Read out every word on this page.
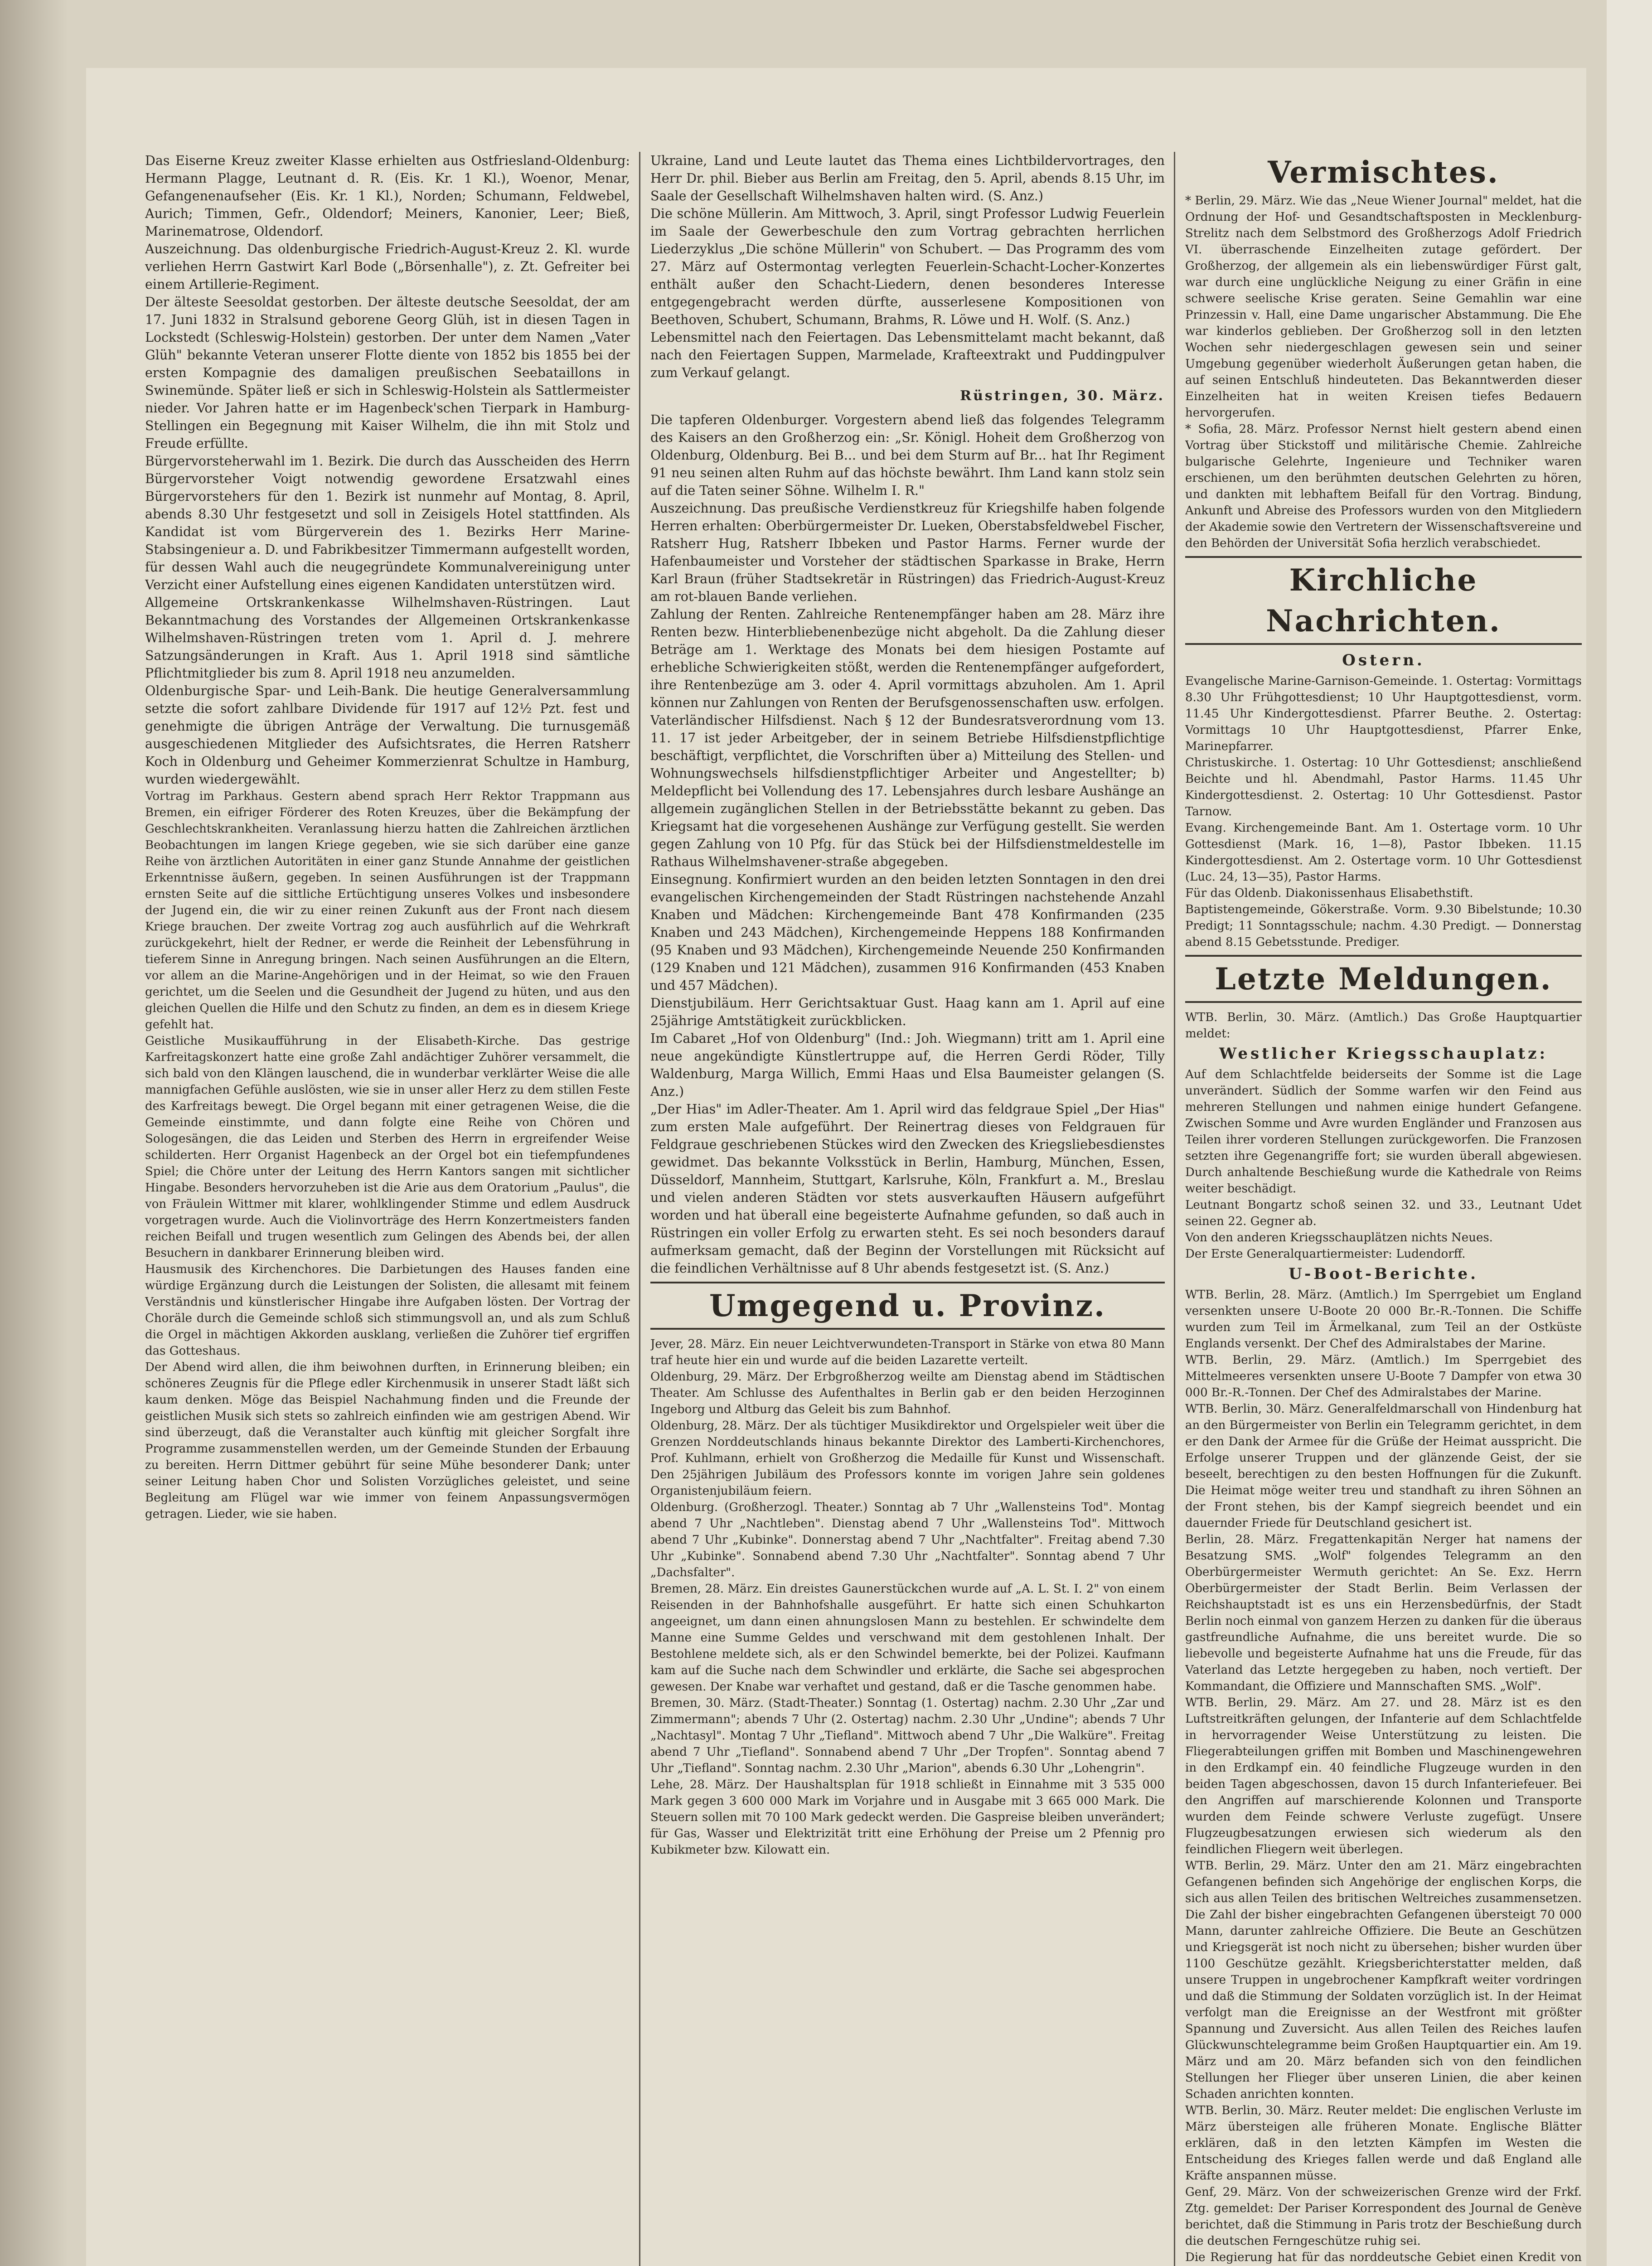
Das Eiserne Kreuz zweiter Klasse erhielten aus Ostfriesland-Oldenburg: Hermann Plagge, Leutnant d. R. (Eis. Kr. 1 Kl.), Woenor, Menar, Gefangenenaufseher (Eis. Kr. 1 Kl.), Norden; Schumann, Feldwebel, Aurich; Timmen, Gefr., Oldendorf; Meiners, Kanonier, Leer; Bieß, Marinematrose, Oldendorf.

Auszeichnung. Das oldenburgische Friedrich-August-Kreuz 2. Kl. wurde verliehen Herrn Gastwirt Karl Bode („Börsenhalle"), z. Zt. Gefreiter bei einem Artillerie-Regiment.

Der älteste Seesoldat gestorben. Der älteste deutsche Seesoldat, der am 17. Juni 1832 in Stralsund geborene Georg Glüh, ist in diesen Tagen in Lockstedt (Schleswig-Holstein) gestorben. Der unter dem Namen „Vater Glüh" bekannte Veteran unserer Flotte diente von 1852 bis 1855 bei der ersten Kompagnie des damaligen preußischen Seebataillons in Swinemünde. Später ließ er sich in Schleswig-Holstein als Sattlermeister nieder. Vor Jahren hatte er im Hagenbeck'schen Tierpark in Hamburg-Stellingen ein Begegnung mit Kaiser Wilhelm, die ihn mit Stolz und Freude erfüllte.

Bürgervorsteherwahl im 1. Bezirk. Die durch das Ausscheiden des Herrn Bürgervorsteher Voigt notwendig gewordene Ersatzwahl eines Bürgervorstehers für den 1. Bezirk ist nunmehr auf Montag, 8. April, abends 8.30 Uhr festgesetzt und soll in Zeisigels Hotel stattfinden. Als Kandidat ist vom Bürgerverein des 1. Bezirks Herr Marine-Stabsingenieur a. D. und Fabrikbesitzer Timmermann aufgestellt worden, für dessen Wahl auch die neugegründete Kommunalvereinigung unter Verzicht einer Aufstellung eines eigenen Kandidaten unterstützen wird.

Allgemeine Ortskrankenkasse Wilhelmshaven-Rüstringen. Laut Bekanntmachung des Vorstandes der Allgemeinen Ortskrankenkasse Wilhelmshaven-Rüstringen treten vom 1. April d. J. mehrere Satzungsänderungen in Kraft. Aus 1. April 1918 sind sämtliche Pflichtmitglieder bis zum 8. April 1918 neu anzumelden.

Oldenburgische Spar- und Leih-Bank. Die heutige Generalversammlung setzte die sofort zahlbare Dividende für 1917 auf 12½ Pzt. fest und genehmigte die übrigen Anträge der Verwaltung. Die turnusgemäß ausgeschiedenen Mitglieder des Aufsichtsrates, die Herren Ratsherr Koch in Oldenburg und Geheimer Kommerzienrat Schultze in Hamburg, wurden wiedergewählt.

Vortrag im Parkhaus. Gestern abend sprach Herr Rektor Trappmann aus Bremen, ein eifriger Förderer des Roten Kreuzes, über die Bekämpfung der Geschlechtskrankheiten. Veranlassung hierzu hatten die Zahlreichen ärztlichen Beobachtungen im langen Kriege gegeben, wie sie sich darüber eine ganze Reihe von ärztlichen Autoritäten in einer ganz Stunde Annahme der geistlichen Erkenntnisse äußern, gegeben. In seinen Ausführungen ist der Trappmann ernsten Seite auf die sittliche Ertüchtigung unseres Volkes und insbesondere der Jugend ein, die wir zu einer reinen Zukunft aus der Front nach diesem Kriege brauchen. Der zweite Vortrag zog auch ausführlich auf die Wehrkraft zurückgekehrt, hielt der Redner, er werde die Reinheit der Lebensführung in tieferem Sinne in Anregung bringen. Nach seinen Ausführungen an die Eltern, vor allem an die Marine-Angehörigen und in der Heimat, so wie den Frauen gerichtet, um die Seelen und die Gesundheit der Jugend zu hüten, und aus den gleichen Quellen die Hilfe und den Schutz zu finden, an dem es in diesem Kriege gefehlt hat.

Geistliche Musikaufführung in der Elisabeth-Kirche. Das gestrige Karfreitagskonzert hatte eine große Zahl andächtiger Zuhörer versammelt, die sich bald von den Klängen lauschend, die in wunderbar verklärter Weise die alle mannigfachen Gefühle auslösten, wie sie in unser aller Herz zu dem stillen Feste des Karfreitags bewegt. Die Orgel begann mit einer getragenen Weise, die die Gemeinde einstimmte, und dann folgte eine Reihe von Chören und Sologesängen, die das Leiden und Sterben des Herrn in ergreifender Weise schilderten. Herr Organist Hagenbeck an der Orgel bot ein tiefempfundenes Spiel; die Chöre unter der Leitung des Herrn Kantors sangen mit sichtlicher Hingabe. Besonders hervorzuheben ist die Arie aus dem Oratorium „Paulus", die von Fräulein Wittmer mit klarer, wohlklingender Stimme und edlem Ausdruck vorgetragen wurde. Auch die Violinvorträge des Herrn Konzertmeisters fanden reichen Beifall und trugen wesentlich zum Gelingen des Abends bei, der allen Besuchern in dankbarer Erinnerung bleiben wird.

Hausmusik des Kirchenchores. Die Darbietungen des Hauses fanden eine würdige Ergänzung durch die Leistungen der Solisten, die allesamt mit feinem Verständnis und künstlerischer Hingabe ihre Aufgaben lösten. Der Vortrag der Choräle durch die Gemeinde schloß sich stimmungsvoll an, und als zum Schluß die Orgel in mächtigen Akkorden ausklang, verließen die Zuhörer tief ergriffen das Gotteshaus.

Der Abend wird allen, die ihm beiwohnen durften, in Erinnerung bleiben; ein schöneres Zeugnis für die Pflege edler Kirchenmusik in unserer Stadt läßt sich kaum denken. Möge das Beispiel Nachahmung finden und die Freunde der geistlichen Musik sich stets so zahlreich einfinden wie am gestrigen Abend. Wir sind überzeugt, daß die Veranstalter auch künftig mit gleicher Sorgfalt ihre Programme zusammenstellen werden, um der Gemeinde Stunden der Erbauung zu bereiten. Herrn Dittmer gebührt für seine Mühe besonderer Dank; unter seiner Leitung haben Chor und Solisten Vorzügliches geleistet, und seine Begleitung am Flügel war wie immer von feinem Anpassungsvermögen getragen. Lieder, wie sie haben.

Ukraine, Land und Leute lautet das Thema eines Lichtbildervortrages, den Herr Dr. phil. Bieber aus Berlin am Freitag, den 5. April, abends 8.15 Uhr, im Saale der Gesellschaft Wilhelmshaven halten wird. (S. Anz.)

Die schöne Müllerin. Am Mittwoch, 3. April, singt Professor Ludwig Feuerlein im Saale der Gewerbeschule den zum Vortrag gebrachten herrlichen Liederzyklus „Die schöne Müllerin" von Schubert. — Das Programm des vom 27. März auf Ostermontag verlegten Feuerlein-Schacht-Locher-Konzertes enthält außer den Schacht-Liedern, denen besonderes Interesse entgegengebracht werden dürfte, ausserlesene Kompositionen von Beethoven, Schubert, Schumann, Brahms, R. Löwe und H. Wolf. (S. Anz.)

Lebensmittel nach den Feiertagen. Das Lebensmittelamt macht bekannt, daß nach den Feiertagen Suppen, Marmelade, Krafteextrakt und Puddingpulver zum Verkauf gelangt.

Rüstringen, 30. März.

Die tapferen Oldenburger. Vorgestern abend ließ das folgendes Telegramm des Kaisers an den Großherzog ein: „Sr. Königl. Hoheit dem Großherzog von Oldenburg, Oldenburg. Bei B... und bei dem Sturm auf Br... hat Ihr Regiment 91 neu seinen alten Ruhm auf das höchste bewährt. Ihm Land kann stolz sein auf die Taten seiner Söhne. Wilhelm I. R."

Auszeichnung. Das preußische Verdienstkreuz für Kriegshilfe haben folgende Herren erhalten: Oberbürgermeister Dr. Lueken, Oberstabsfeldwebel Fischer, Ratsherr Hug, Ratsherr Ibbeken und Pastor Harms. Ferner wurde der Hafenbaumeister und Vorsteher der städtischen Sparkasse in Brake, Herrn Karl Braun (früher Stadtsekretär in Rüstringen) das Friedrich-August-Kreuz am rot-blauen Bande verliehen.

Zahlung der Renten. Zahlreiche Rentenempfänger haben am 28. März ihre Renten bezw. Hinterbliebenenbezüge nicht abgeholt. Da die Zahlung dieser Beträge am 1. Werktage des Monats bei dem hiesigen Postamte auf erhebliche Schwierigkeiten stößt, werden die Rentenempfänger aufgefordert, ihre Rentenbezüge am 3. oder 4. April vormittags abzuholen. Am 1. April können nur Zahlungen von Renten der Berufsgenossenschaften usw. erfolgen.

Vaterländischer Hilfsdienst. Nach § 12 der Bundesratsverordnung vom 13. 11. 17 ist jeder Arbeitgeber, der in seinem Betriebe Hilfsdienstpflichtige beschäftigt, verpflichtet, die Vorschriften über a) Mitteilung des Stellen- und Wohnungswechsels hilfsdienstpflichtiger Arbeiter und Angestellter; b) Meldepflicht bei Vollendung des 17. Lebensjahres durch lesbare Aushänge an allgemein zugänglichen Stellen in der Betriebsstätte bekannt zu geben. Das Kriegsamt hat die vorgesehenen Aushänge zur Verfügung gestellt. Sie werden gegen Zahlung von 10 Pfg. für das Stück bei der Hilfsdienstmeldestelle im Rathaus Wilhelmshavener-straße abgegeben.

Einsegnung. Konfirmiert wurden an den beiden letzten Sonntagen in den drei evangelischen Kirchengemeinden der Stadt Rüstringen nachstehende Anzahl Knaben und Mädchen: Kirchengemeinde Bant 478 Konfirmanden (235 Knaben und 243 Mädchen), Kirchengemeinde Heppens 188 Konfirmanden (95 Knaben und 93 Mädchen), Kirchengemeinde Neuende 250 Konfirmanden (129 Knaben und 121 Mädchen), zusammen 916 Konfirmanden (453 Knaben und 457 Mädchen).

Dienstjubiläum. Herr Gerichtsaktuar Gust. Haag kann am 1. April auf eine 25jährige Amtstätigkeit zurückblicken.

Im Cabaret „Hof von Oldenburg" (Ind.: Joh. Wiegmann) tritt am 1. April eine neue angekündigte Künstlertruppe auf, die Herren Gerdi Röder, Tilly Waldenburg, Marga Willich, Emmi Haas und Elsa Baumeister gelangen (S. Anz.)

„Der Hias" im Adler-Theater. Am 1. April wird das feldgraue Spiel „Der Hias" zum ersten Male aufgeführt. Der Reinertrag dieses von Feldgrauen für Feldgraue geschriebenen Stückes wird den Zwecken des Kriegsliebesdienstes gewidmet. Das bekannte Volksstück in Berlin, Hamburg, München, Essen, Düsseldorf, Mannheim, Stuttgart, Karlsruhe, Köln, Frankfurt a. M., Breslau und vielen anderen Städten vor stets ausverkauften Häusern aufgeführt worden und hat überall eine begeisterte Aufnahme gefunden, so daß auch in Rüstringen ein voller Erfolg zu erwarten steht. Es sei noch besonders darauf aufmerksam gemacht, daß der Beginn der Vorstellungen mit Rücksicht auf die feindlichen Verhältnisse auf 8 Uhr abends festgesetzt ist. (S. Anz.)

Umgegend u. Provinz.

Jever, 28. März. Ein neuer Leichtverwundeten-Transport in Stärke von etwa 80 Mann traf heute hier ein und wurde auf die beiden Lazarette verteilt.

Oldenburg, 29. März. Der Erbgroßherzog weilte am Dienstag abend im Städtischen Theater. Am Schlusse des Aufenthaltes in Berlin gab er den beiden Herzoginnen Ingeborg und Altburg das Geleit bis zum Bahnhof.

Oldenburg, 28. März. Der als tüchtiger Musikdirektor und Orgelspieler weit über die Grenzen Norddeutschlands hinaus bekannte Direktor des Lamberti-Kirchenchores, Prof. Kuhlmann, erhielt von Großherzog die Medaille für Kunst und Wissenschaft. Den 25jährigen Jubiläum des Professors konnte im vorigen Jahre sein goldenes Organistenjubiläum feiern.

Oldenburg. (Großherzogl. Theater.) Sonntag ab 7 Uhr „Wallensteins Tod". Montag abend 7 Uhr „Nachtleben". Dienstag abend 7 Uhr „Wallensteins Tod". Mittwoch abend 7 Uhr „Kubinke". Donnerstag abend 7 Uhr „Nachtfalter". Freitag abend 7.30 Uhr „Kubinke". Sonnabend abend 7.30 Uhr „Nachtfalter". Sonntag abend 7 Uhr „Dachsfalter".

Bremen, 28. März. Ein dreistes Gaunerstückchen wurde auf „A. L. St. I. 2" von einem Reisenden in der Bahnhofshalle ausgeführt. Er hatte sich einen Schuhkarton angeeignet, um dann einen ahnungslosen Mann zu bestehlen. Er schwindelte dem Manne eine Summe Geldes und verschwand mit dem gestohlenen Inhalt. Der Bestohlene meldete sich, als er den Schwindel bemerkte, bei der Polizei. Kaufmann kam auf die Suche nach dem Schwindler und erklärte, die Sache sei abgesprochen gewesen. Der Knabe war verhaftet und gestand, daß er die Tasche genommen habe.

Bremen, 30. März. (Stadt-Theater.) Sonntag (1. Ostertag) nachm. 2.30 Uhr „Zar und Zimmermann"; abends 7 Uhr (2. Ostertag) nachm. 2.30 Uhr „Undine"; abends 7 Uhr „Nachtasyl". Montag 7 Uhr „Tiefland". Mittwoch abend 7 Uhr „Die Walküre". Freitag abend 7 Uhr „Tiefland". Sonnabend abend 7 Uhr „Der Tropfen". Sonntag abend 7 Uhr „Tiefland". Sonntag nachm. 2.30 Uhr „Marion", abends 6.30 Uhr „Lohengrin".

Lehe, 28. März. Der Haushaltsplan für 1918 schließt in Einnahme mit 3 535 000 Mark gegen 3 600 000 Mark im Vorjahre und in Ausgabe mit 3 665 000 Mark. Die Steuern sollen mit 70 100 Mark gedeckt werden. Die Gaspreise bleiben unverändert; für Gas, Wasser und Elektrizität tritt eine Erhöhung der Preise um 2 Pfennig pro Kubikmeter bzw. Kilowatt ein.

Vermischtes.

* Berlin, 29. März. Wie das „Neue Wiener Journal" meldet, hat die Ordnung der Hof- und Gesandtschaftsposten in Mecklenburg-Strelitz nach dem Selbstmord des Großherzogs Adolf Friedrich VI. überraschende Einzelheiten zutage gefördert. Der Großherzog, der allgemein als ein liebenswürdiger Fürst galt, war durch eine unglückliche Neigung zu einer Gräfin in eine schwere seelische Krise geraten. Seine Gemahlin war eine Prinzessin v. Hall, eine Dame ungarischer Abstammung. Die Ehe war kinderlos geblieben. Der Großherzog soll in den letzten Wochen sehr niedergeschlagen gewesen sein und seiner Umgebung gegenüber wiederholt Äußerungen getan haben, die auf seinen Entschluß hindeuteten. Das Bekanntwerden dieser Einzelheiten hat in weiten Kreisen tiefes Bedauern hervorgerufen.

* Sofia, 28. März. Professor Nernst hielt gestern abend einen Vortrag über Stickstoff und militärische Chemie. Zahlreiche bulgarische Gelehrte, Ingenieure und Techniker waren erschienen, um den berühmten deutschen Gelehrten zu hören, und dankten mit lebhaftem Beifall für den Vortrag. Bindung, Ankunft und Abreise des Professors wurden von den Mitgliedern der Akademie sowie den Vertretern der Wissenschaftsvereine und den Behörden der Universität Sofia herzlich verabschiedet.

Kirchliche Nachrichten.
Ostern.

Evangelische Marine-Garnison-Gemeinde. 1. Ostertag: Vormittags 8.30 Uhr Frühgottesdienst; 10 Uhr Hauptgottesdienst, vorm. 11.45 Uhr Kindergottesdienst. Pfarrer Beuthe. 2. Ostertag: Vormittags 10 Uhr Hauptgottesdienst, Pfarrer Enke, Marinepfarrer.

Christuskirche. 1. Ostertag: 10 Uhr Gottesdienst; anschließend Beichte und hl. Abendmahl, Pastor Harms. 11.45 Uhr Kindergottesdienst. 2. Ostertag: 10 Uhr Gottesdienst. Pastor Tarnow.

Evang. Kirchengemeinde Bant. Am 1. Ostertage vorm. 10 Uhr Gottesdienst (Mark. 16, 1—8), Pastor Ibbeken. 11.15 Kindergottesdienst. Am 2. Ostertage vorm. 10 Uhr Gottesdienst (Luc. 24, 13—35), Pastor Harms.

Für das Oldenb. Diakonissenhaus Elisabethstift.

Baptistengemeinde, Gökerstraße. Vorm. 9.30 Bibelstunde; 10.30 Predigt; 11 Sonntagsschule; nachm. 4.30 Predigt. — Donnerstag abend 8.15 Gebetsstunde. Prediger.

Letzte Meldungen.

WTB. Berlin, 30. März. (Amtlich.) Das Große Hauptquartier meldet:

Westlicher Kriegsschauplatz:

Auf dem Schlachtfelde beiderseits der Somme ist die Lage unverändert. Südlich der Somme warfen wir den Feind aus mehreren Stellungen und nahmen einige hundert Gefangene. Zwischen Somme und Avre wurden Engländer und Franzosen aus Teilen ihrer vorderen Stellungen zurückgeworfen. Die Franzosen setzten ihre Gegenangriffe fort; sie wurden überall abgewiesen. Durch anhaltende Beschießung wurde die Kathedrale von Reims weiter beschädigt.

Leutnant Bongartz schoß seinen 32. und 33., Leutnant Udet seinen 22. Gegner ab.

Von den anderen Kriegsschauplätzen nichts Neues.

Der Erste Generalquartiermeister: Ludendorff.

U-Boot-Berichte.

WTB. Berlin, 28. März. (Amtlich.) Im Sperrgebiet um England versenkten unsere U-Boote 20 000 Br.-R.-Tonnen. Die Schiffe wurden zum Teil im Ärmelkanal, zum Teil an der Ostküste Englands versenkt. Der Chef des Admiralstabes der Marine.

WTB. Berlin, 29. März. (Amtlich.) Im Sperrgebiet des Mittelmeeres versenkten unsere U-Boote 7 Dampfer von etwa 30 000 Br.-R.-Tonnen. Der Chef des Admiralstabes der Marine.

WTB. Berlin, 30. März. Generalfeldmarschall von Hindenburg hat an den Bürgermeister von Berlin ein Telegramm gerichtet, in dem er den Dank der Armee für die Grüße der Heimat ausspricht. Die Erfolge unserer Truppen und der glänzende Geist, der sie beseelt, berechtigen zu den besten Hoffnungen für die Zukunft. Die Heimat möge weiter treu und standhaft zu ihren Söhnen an der Front stehen, bis der Kampf siegreich beendet und ein dauernder Friede für Deutschland gesichert ist.

Berlin, 28. März. Fregattenkapitän Nerger hat namens der Besatzung SMS. „Wolf" folgendes Telegramm an den Oberbürgermeister Wermuth gerichtet: An Se. Exz. Herrn Oberbürgermeister der Stadt Berlin. Beim Verlassen der Reichshauptstadt ist es uns ein Herzensbedürfnis, der Stadt Berlin noch einmal von ganzem Herzen zu danken für die überaus gastfreundliche Aufnahme, die uns bereitet wurde. Die so liebevolle und begeisterte Aufnahme hat uns die Freude, für das Vaterland das Letzte hergegeben zu haben, noch vertieft. Der Kommandant, die Offiziere und Mannschaften SMS. „Wolf".

WTB. Berlin, 29. März. Am 27. und 28. März ist es den Luftstreitkräften gelungen, der Infanterie auf dem Schlachtfelde in hervorragender Weise Unterstützung zu leisten. Die Fliegerabteilungen griffen mit Bomben und Maschinengewehren in den Erdkampf ein. 40 feindliche Flugzeuge wurden in den beiden Tagen abgeschossen, davon 15 durch Infanteriefeuer. Bei den Angriffen auf marschierende Kolonnen und Transporte wurden dem Feinde schwere Verluste zugefügt. Unsere Flugzeugbesatzungen erwiesen sich wiederum als den feindlichen Fliegern weit überlegen.

WTB. Berlin, 29. März. Unter den am 21. März eingebrachten Gefangenen befinden sich Angehörige der englischen Korps, die sich aus allen Teilen des britischen Weltreiches zusammensetzen. Die Zahl der bisher eingebrachten Gefangenen übersteigt 70 000 Mann, darunter zahlreiche Offiziere. Die Beute an Geschützen und Kriegsgerät ist noch nicht zu übersehen; bisher wurden über 1100 Geschütze gezählt. Kriegsberichterstatter melden, daß unsere Truppen in ungebrochener Kampfkraft weiter vordringen und daß die Stimmung der Soldaten vorzüglich ist. In der Heimat verfolgt man die Ereignisse an der Westfront mit größter Spannung und Zuversicht. Aus allen Teilen des Reiches laufen Glückwunschtelegramme beim Großen Hauptquartier ein. Am 19. März und am 20. März befanden sich von den feindlichen Stellungen her Flieger über unseren Linien, die aber keinen Schaden anrichten konnten.

WTB. Berlin, 30. März. Reuter meldet: Die englischen Verluste im März übersteigen alle früheren Monate. Englische Blätter erklären, daß in den letzten Kämpfen im Westen die Entscheidung des Krieges fallen werde und daß England alle Kräfte anspannen müsse.

Genf, 29. März. Von der schweizerischen Grenze wird der Frkf. Ztg. gemeldet: Der Pariser Korrespondent des Journal de Genève berichtet, daß die Stimmung in Paris trotz der Beschießung durch die deutschen Ferngeschütze ruhig sei.

Die Regierung hat für das norddeutsche Gebiet einen Kredit von
